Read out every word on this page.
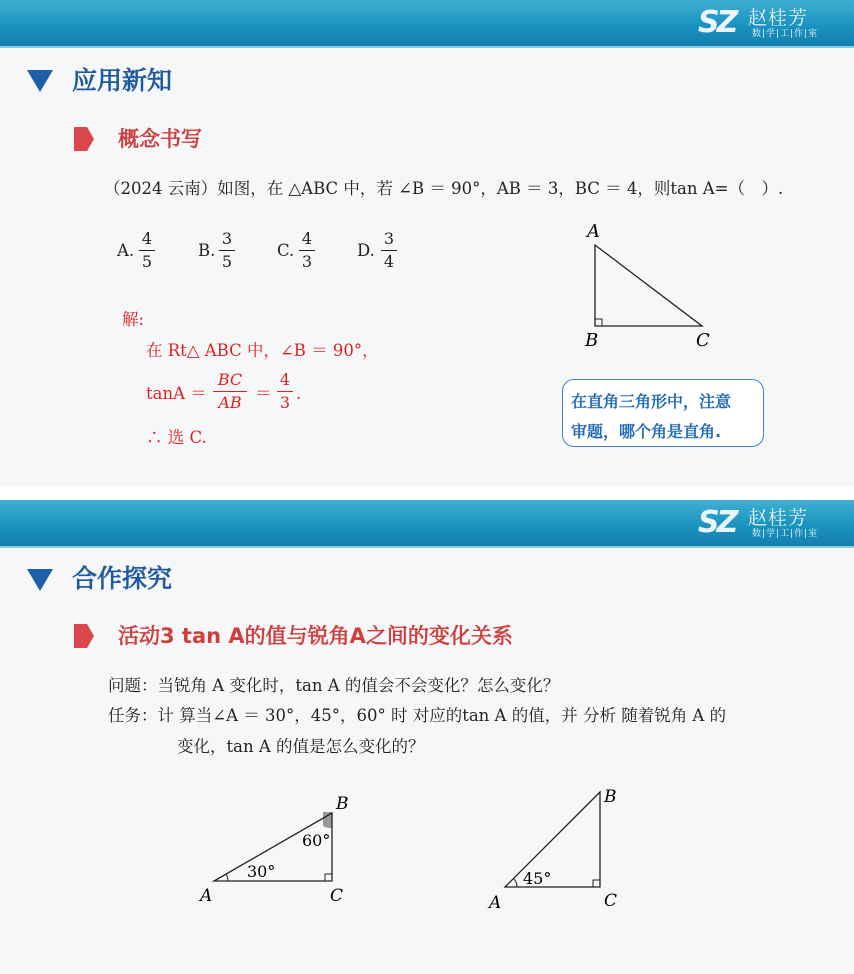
SZ 赵桂芳
数|学|工|作|室
应用新知
概念书写
（2024 云南）如图，在 △ABC 中，若 ∠B ＝ 90°，AB ＝ 3，BC ＝ 4，则tan A=（　）.
A.
4
5
B.
3
5
C.
4
3
D.
3
4
A
B	C
解:
在 Rt△ ABC 中，∠B ＝ 90°，
tanA ＝
BC
AB ＝
4
3 .
∴ 选 C.
在直角三角形中，注意
审题，哪个角是直角.
SZ 赵桂芳
数|学|工|作|室
合作探究
活动3 tan A的值与锐角A之间的变化关系
问题：当锐角 A 变化时，tan A 的值会不会变化？怎么变化？
任务：计 算当∠A ＝ 30°，45°，60° 时 对应的tan A 的值，并 分析 随着锐角 A 的
变化，tan A 的值是怎么变化的？
B
A	C
30°
60°
B
A	C
45°
